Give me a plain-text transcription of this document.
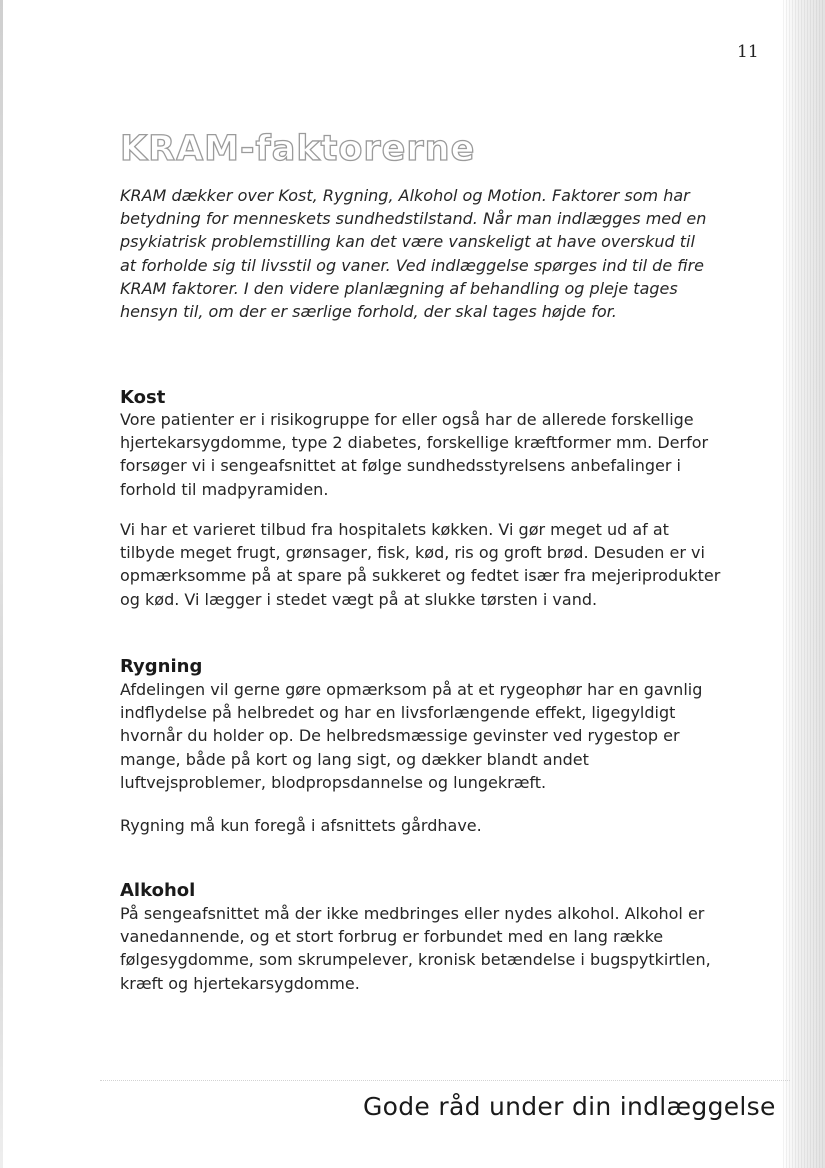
11
KRAM-faktorerne

KRAM dækker over Kost, Rygning, Alkohol og Motion. Faktorer som har betydning for menneskets sundhedstilstand. Når man indlægges med en psykiatrisk problemstilling kan det være vanskeligt at have overskud til at forholde sig til livsstil og vaner. Ved indlæggelse spørges ind til de fire KRAM faktorer. I den videre planlægning af behandling og pleje tages hensyn til, om der er særlige forhold, der skal tages højde for.

Kost

Vore patienter er i risikogruppe for eller også har de allerede forskellige hjertekarsygdomme, type 2 diabetes, forskellige kræftformer mm. Derfor forsøger vi i sengeafsnittet at følge sundhedsstyrelsens anbefalinger i forhold til madpyramiden.

Vi har et varieret tilbud fra hospitalets køkken. Vi gør meget ud af at tilbyde meget frugt, grønsager, fisk, kød, ris og groft brød. Desuden er vi opmærksomme på at spare på sukkeret og fedtet især fra mejeriprodukter og kød. Vi lægger i stedet vægt på at slukke tørsten i vand.

Rygning

Afdelingen vil gerne gøre opmærksom på at et rygeophør har en gavnlig indflydelse på helbredet og har en livsforlængende effekt, ligegyldigt hvornår du holder op. De helbredsmæssige gevinster ved rygestop er mange, både på kort og lang sigt, og dækker blandt andet luftvejsproblemer, blodpropsdannelse og lungekræft.

Rygning må kun foregå i afsnittets gårdhave.

Alkohol

På sengeafsnittet må der ikke medbringes eller nydes alkohol. Alkohol er vanedannende, og et stort forbrug er forbundet med en lang række følgesygdomme, som skrumpelever, kronisk betændelse i bugspytkirtlen, kræft og hjertekarsygdomme.

Gode råd under din indlæggelse
